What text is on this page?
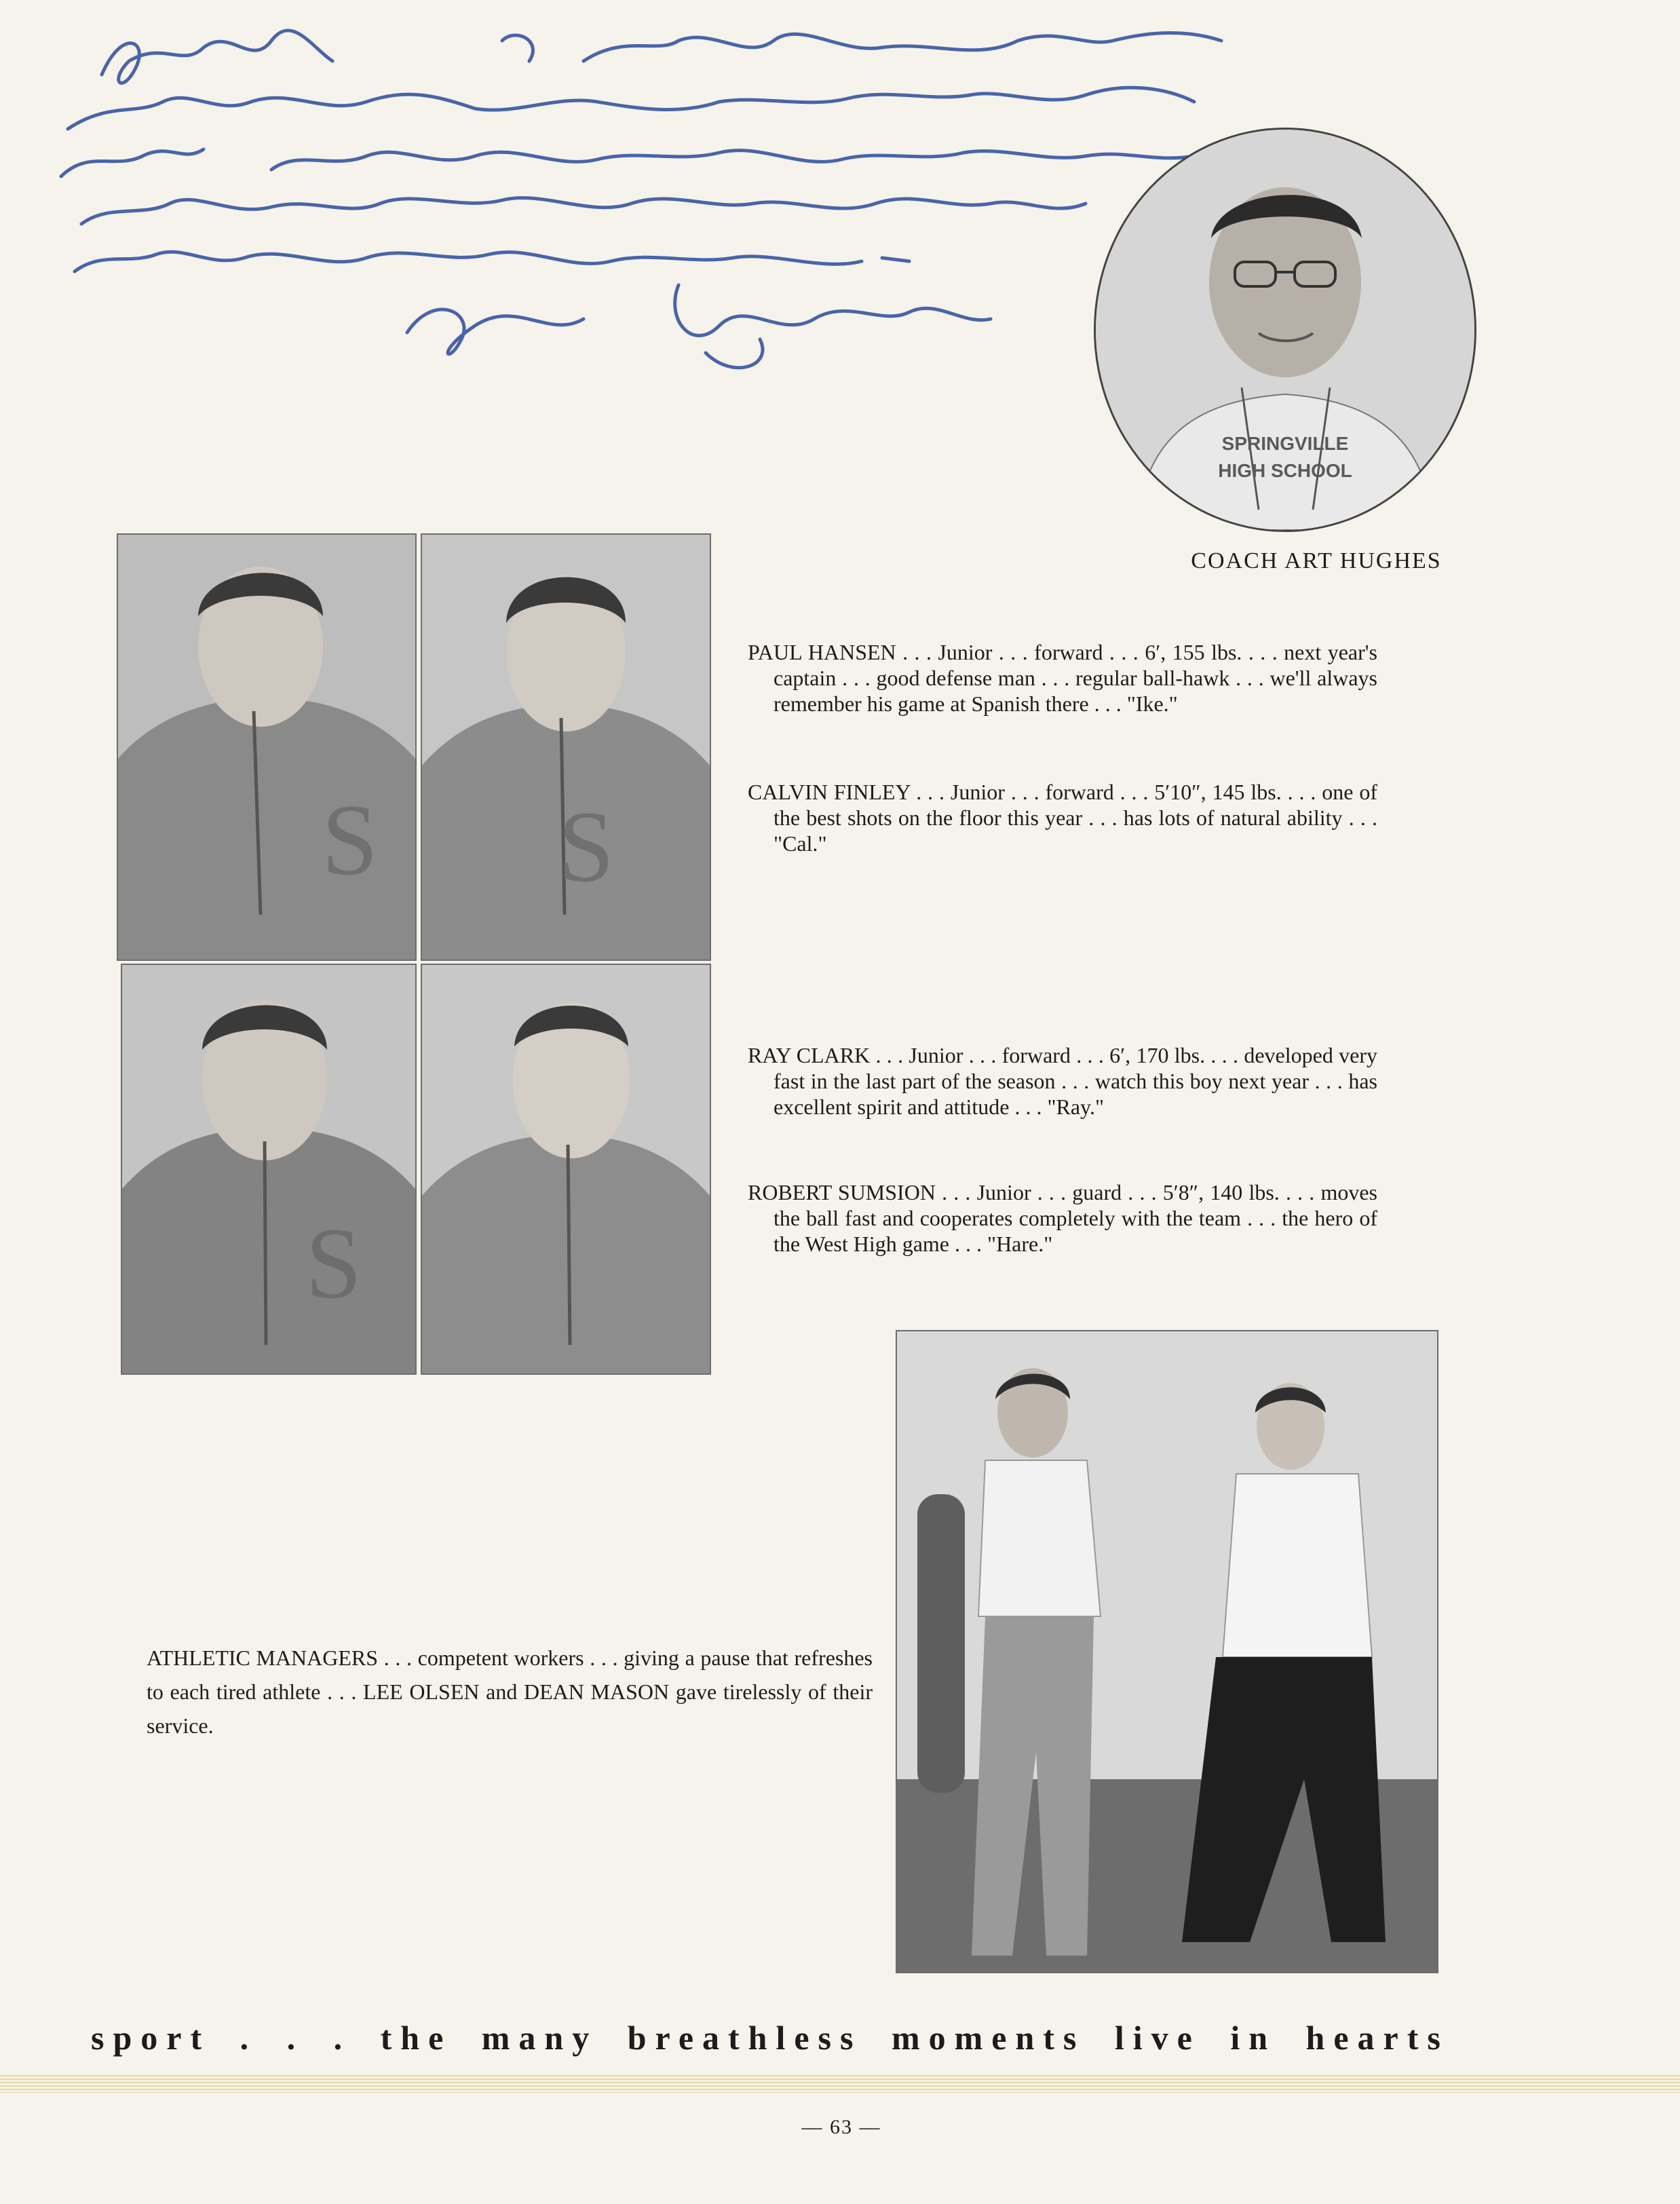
SPRINGVILLE
HIGH SCHOOL
COACH ART HUGHES
S S
S
PAUL HANSEN . . . Junior . . . forward . . . 6′, 155 lbs. . . . next year's captain . . . good defense man . . . regular ball-hawk . . . we'll always remember his game at Spanish there . . . "Ike."
CALVIN FINLEY . . . Junior . . . forward . . . 5′10″, 145 lbs. . . . one of the best shots on the floor this year . . . has lots of natural ability . . . "Cal."
RAY CLARK . . . Junior . . . forward . . . 6′, 170 lbs. . . . developed very fast in the last part of the season . . . watch this boy next year . . . has excellent spirit and attitude . . . "Ray."
ROBERT SUMSION . . . Junior . . . guard . . . 5′8″, 140 lbs. . . . moves the ball fast and cooperates completely with the team . . . the hero of the West High game . . . "Hare."
ATHLETIC MANAGERS . . . competent workers . . . giving a pause that refreshes to each tired athlete . . . LEE OLSEN and DEAN MASON gave tirelessly of their service.
sport . . . the many breathless moments live in hearts
— 63 —
